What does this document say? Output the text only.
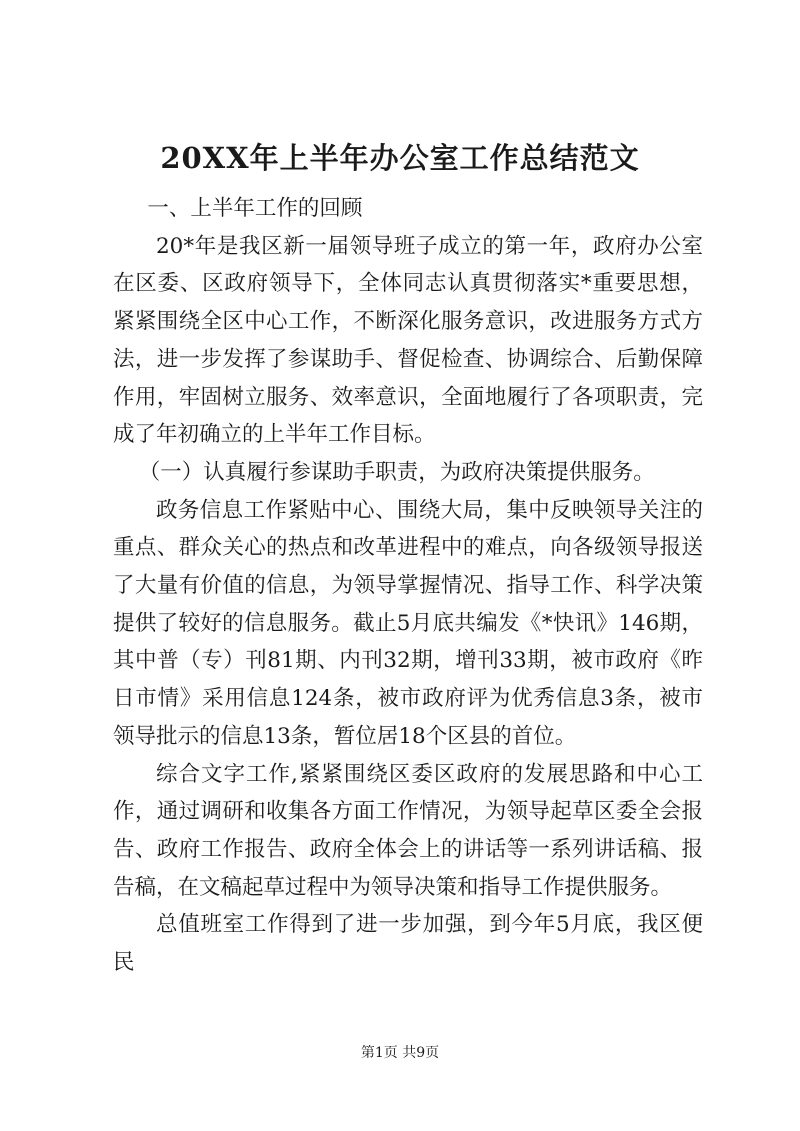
20XX年上半年办公室工作总结范文

一、上半年工作的回顾

20*年是我区新一届领导班子成立的第一年，政府办公室在区委、区政府领导下，全体同志认真贯彻落实*重要思想，紧紧围绕全区中心工作，不断深化服务意识，改进服务方式方法，进一步发挥了参谋助手、督促检查、协调综合、后勤保障作用，牢固树立服务、效率意识，全面地履行了各项职责，完成了年初确立的上半年工作目标。

（一）认真履行参谋助手职责，为政府决策提供服务。

政务信息工作紧贴中心、围绕大局，集中反映领导关注的重点、群众关心的热点和改革进程中的难点，向各级领导报送了大量有价值的信息，为领导掌握情况、指导工作、科学决策提供了较好的信息服务。截止5月底共编发《*快讯》146期，其中普（专）刊81期、内刊32期，增刊33期，被市政府《昨日市情》采用信息124条，被市政府评为优秀信息3条，被市领导批示的信息13条，暂位居18个区县的首位。

综合文字工作,紧紧围绕区委区政府的发展思路和中心工作，通过调研和收集各方面工作情况，为领导起草区委全会报告、政府工作报告、政府全体会上的讲话等一系列讲话稿、报告稿，在文稿起草过程中为领导决策和指导工作提供服务。

总值班室工作得到了进一步加强，到今年5月底，我区便民

第1页 共9页
